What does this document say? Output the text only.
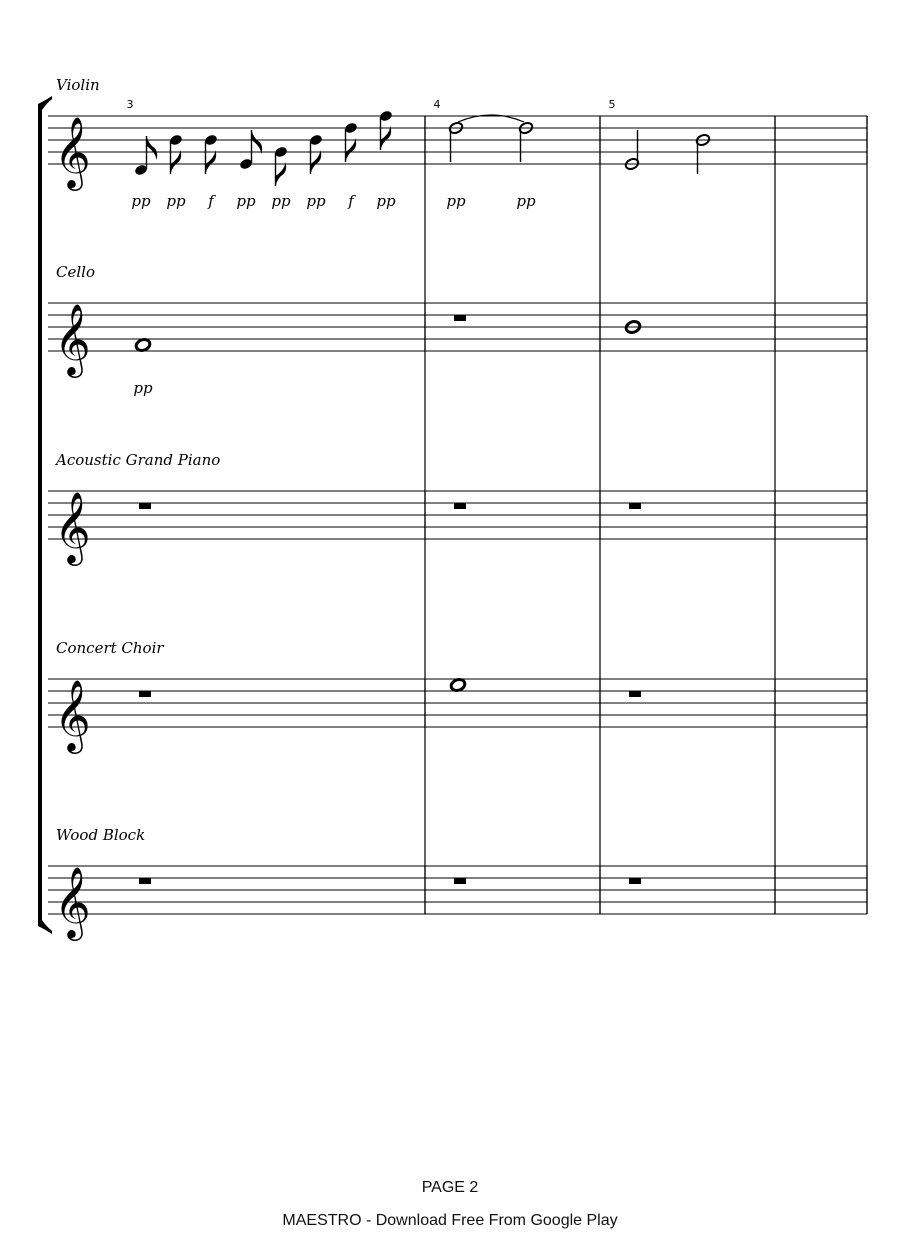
Violin
𝄞
pp pp f pp pp pp f pp	pp	pp
Cello
𝄞
pp
Acoustic Grand Piano
𝄞
Concert Choir
𝄞
Wood Block
𝄞
3	4	5
PAGE 2
MAESTRO - Download Free From Google Play
